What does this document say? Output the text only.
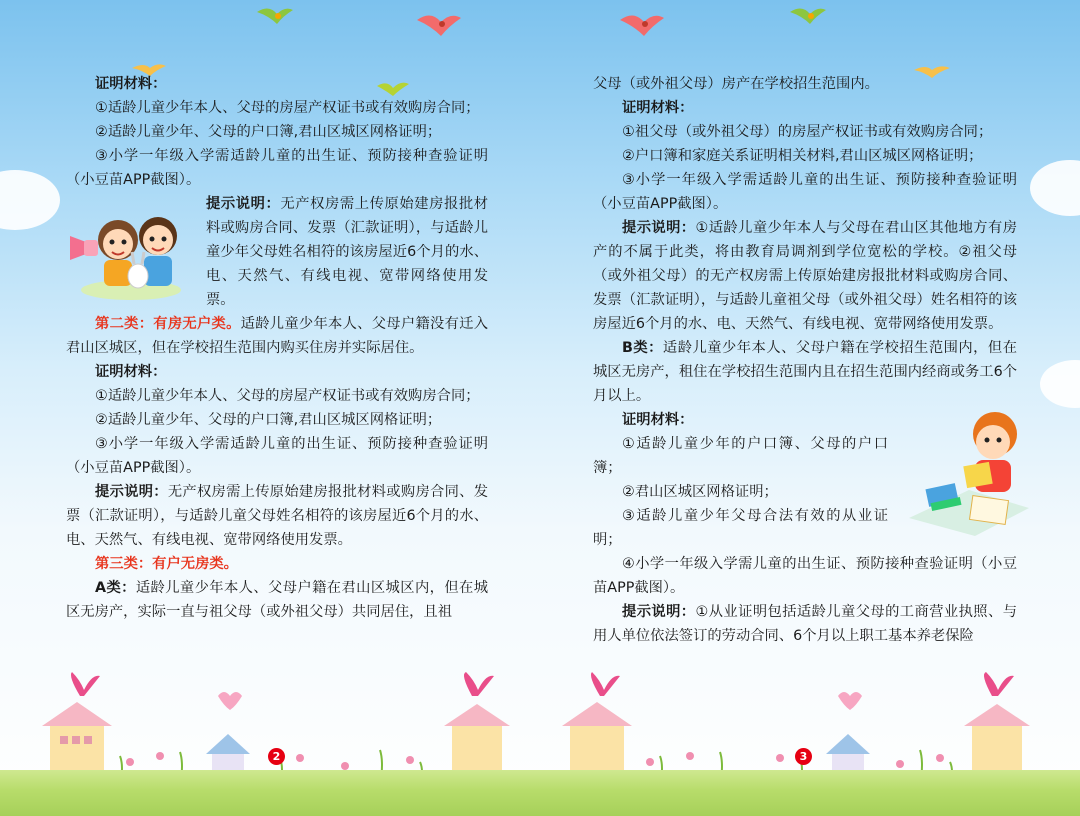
证明材料：

①适龄儿童少年本人、父母的房屋产权证书或有效购房合同；

②适龄儿童少年、父母的户口簿,君山区城区网格证明；

③小学一年级入学需适龄儿童的出生证、预防接种查验证明（小豆苗APP截图）。

提示说明：无产权房需上传原始建房报批材料或购房合同、发票（汇款证明），与适龄儿童少年父母姓名相符的该房屋近6个月的水、电、天然气、有线电视、宽带网络使用发票。

第二类：有房无户类。适龄儿童少年本人、父母户籍没有迁入君山区城区，但在学校招生范围内购买住房并实际居住。

证明材料：

①适龄儿童少年本人、父母的房屋产权证书或有效购房合同；

②适龄儿童少年、父母的户口簿,君山区城区网格证明；

③小学一年级入学需适龄儿童的出生证、预防接种查验证明（小豆苗APP截图）。

提示说明：无产权房需上传原始建房报批材料或购房合同、发票（汇款证明），与适龄儿童父母姓名相符的该房屋近6个月的水、电、天然气、有线电视、宽带网络使用发票。

第三类：有户无房类。

A类：适龄儿童少年本人、父母户籍在君山区城区内，但在城区无房产，实际一直与祖父母（或外祖父母）共同居住，且祖

父母（或外祖父母）房产在学校招生范围内。

证明材料：

①祖父母（或外祖父母）的房屋产权证书或有效购房合同；

②户口簿和家庭关系证明相关材料,君山区城区网格证明；

③小学一年级入学需适龄儿童的出生证、预防接种查验证明（小豆苗APP截图）。

提示说明：①适龄儿童少年本人与父母在君山区其他地方有房产的不属于此类，将由教育局调剂到学位宽松的学校。②祖父母（或外祖父母）的无产权房需上传原始建房报批材料或购房合同、发票（汇款证明），与适龄儿童祖父母（或外祖父母）姓名相符的该房屋近6个月的水、电、天然气、有线电视、宽带网络使用发票。

B类：适龄儿童少年本人、父母户籍在学校招生范围内，但在城区无房产，租住在学校招生范围内且在招生范围内经商或务工6个月以上。

证明材料：

①适龄儿童少年的户口簿、父母的户口簿；

②君山区城区网格证明；

③适龄儿童少年父母合法有效的从业证明；

④小学一年级入学需儿童的出生证、预防接种查验证明（小豆苗APP截图）。

提示说明：①从业证明包括适龄儿童父母的工商营业执照、与用人单位依法签订的劳动合同、6个月以上职工基本养老保险

2	3
